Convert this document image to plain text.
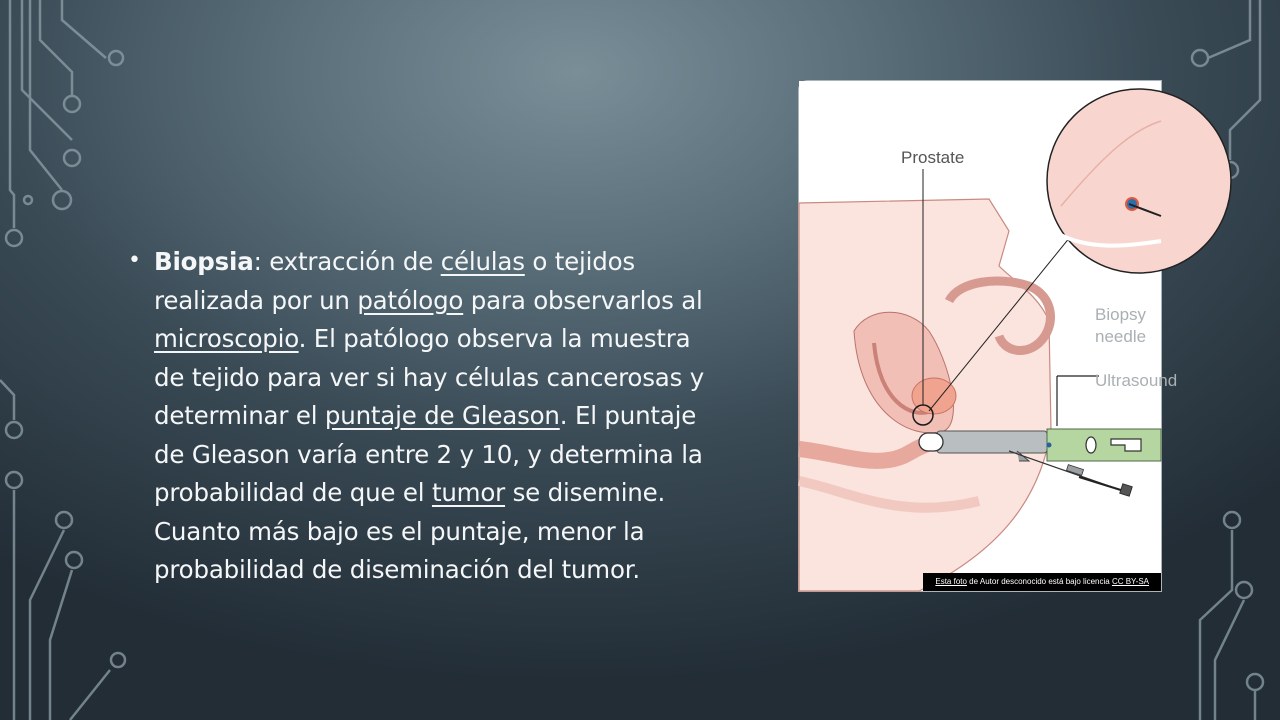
• Biopsia: extracción de células o tejidos realizada por un patólogo para observarlos al microscopio. El patólogo observa la muestra de tejido para ver si hay células cancerosas y determinar el puntaje de Gleason. El puntaje de Gleason varía entre 2 y 10, y determina la probabilidad de que el tumor se disemine. Cuanto más bajo es el puntaje, menor la probabilidad de diseminación del tumor.
Prostate
Biopsy
needle
Ultrasound
Esta foto de Autor desconocido está bajo licencia CC BY-SA
